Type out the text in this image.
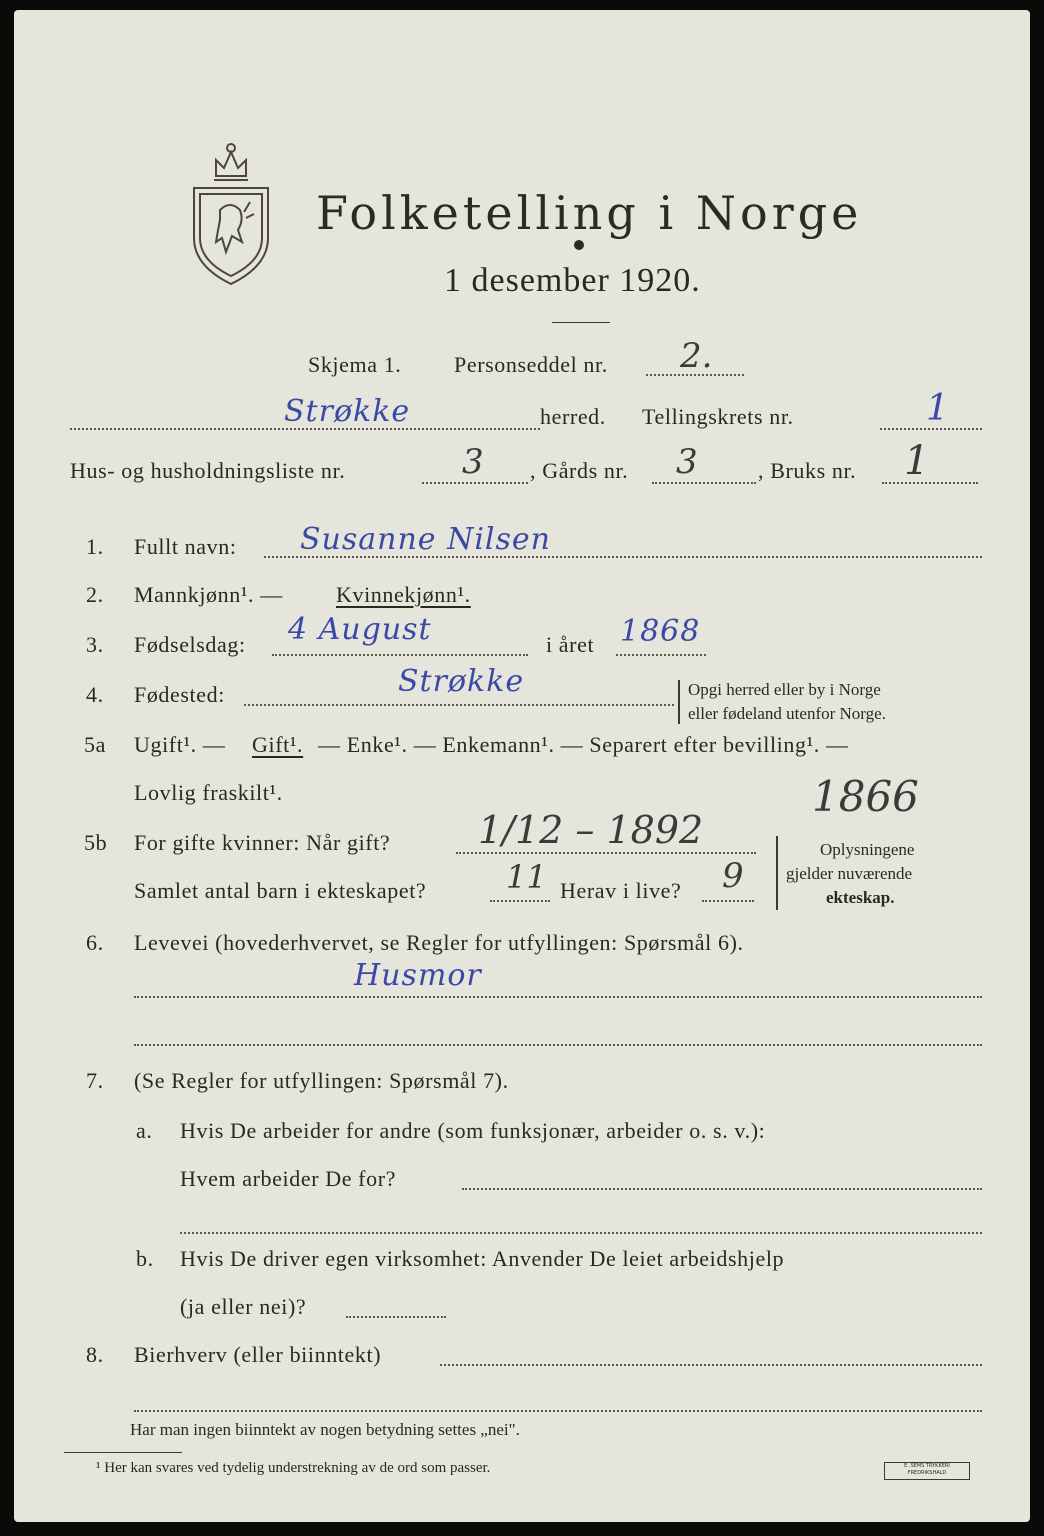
Folketelling i Norge
1 desember 1920.
Skjema 1. Personseddel nr. 2.
Strøkke	herred. Tellingskrets nr.	1
Hus- og husholdningsliste nr.	3 , Gårds nr. 3	, Bruks nr. 1
1. Fullt navn: Susanne Nilsen
2. Mannkjønn¹. — Kvinnekjønn¹.
3. Fødselsdag: 4 August	i året 1868
4. Fødested:	Strøkke	Opgi herred eller by i Norge
eller fødeland utenfor Norge.
5a Ugift¹. — Gift¹. — Enke¹. — Enkemann¹. — Separert efter bevilling¹. —
Lovlig fraskilt¹.	1866
5b For gifte kvinner: Når gift? 1/12 – 1892
Samlet antal barn i ekteskapet? 11 Herav i live? 9
Oplysningene
gjelder nuværende
ekteskap.
6. Levevei (hovederhvervet, se Regler for utfyllingen: Spørsmål 6).
Husmor
7. (Se Regler for utfyllingen: Spørsmål 7).
a. Hvis De arbeider for andre (som funksjonær, arbeider o. s. v.):
Hvem arbeider De for?
b. Hvis De driver egen virksomhet: Anvender De leiet arbeidshjelp
(ja eller nei)?
8. Bierhverv (eller biinntekt)
Har man ingen biinntekt av nogen betydning settes „nei".
¹ Her kan svares ved tydelig understrekning av de ord som passer.	E. SEMS TRYKKERI FREDRIKSHALD
